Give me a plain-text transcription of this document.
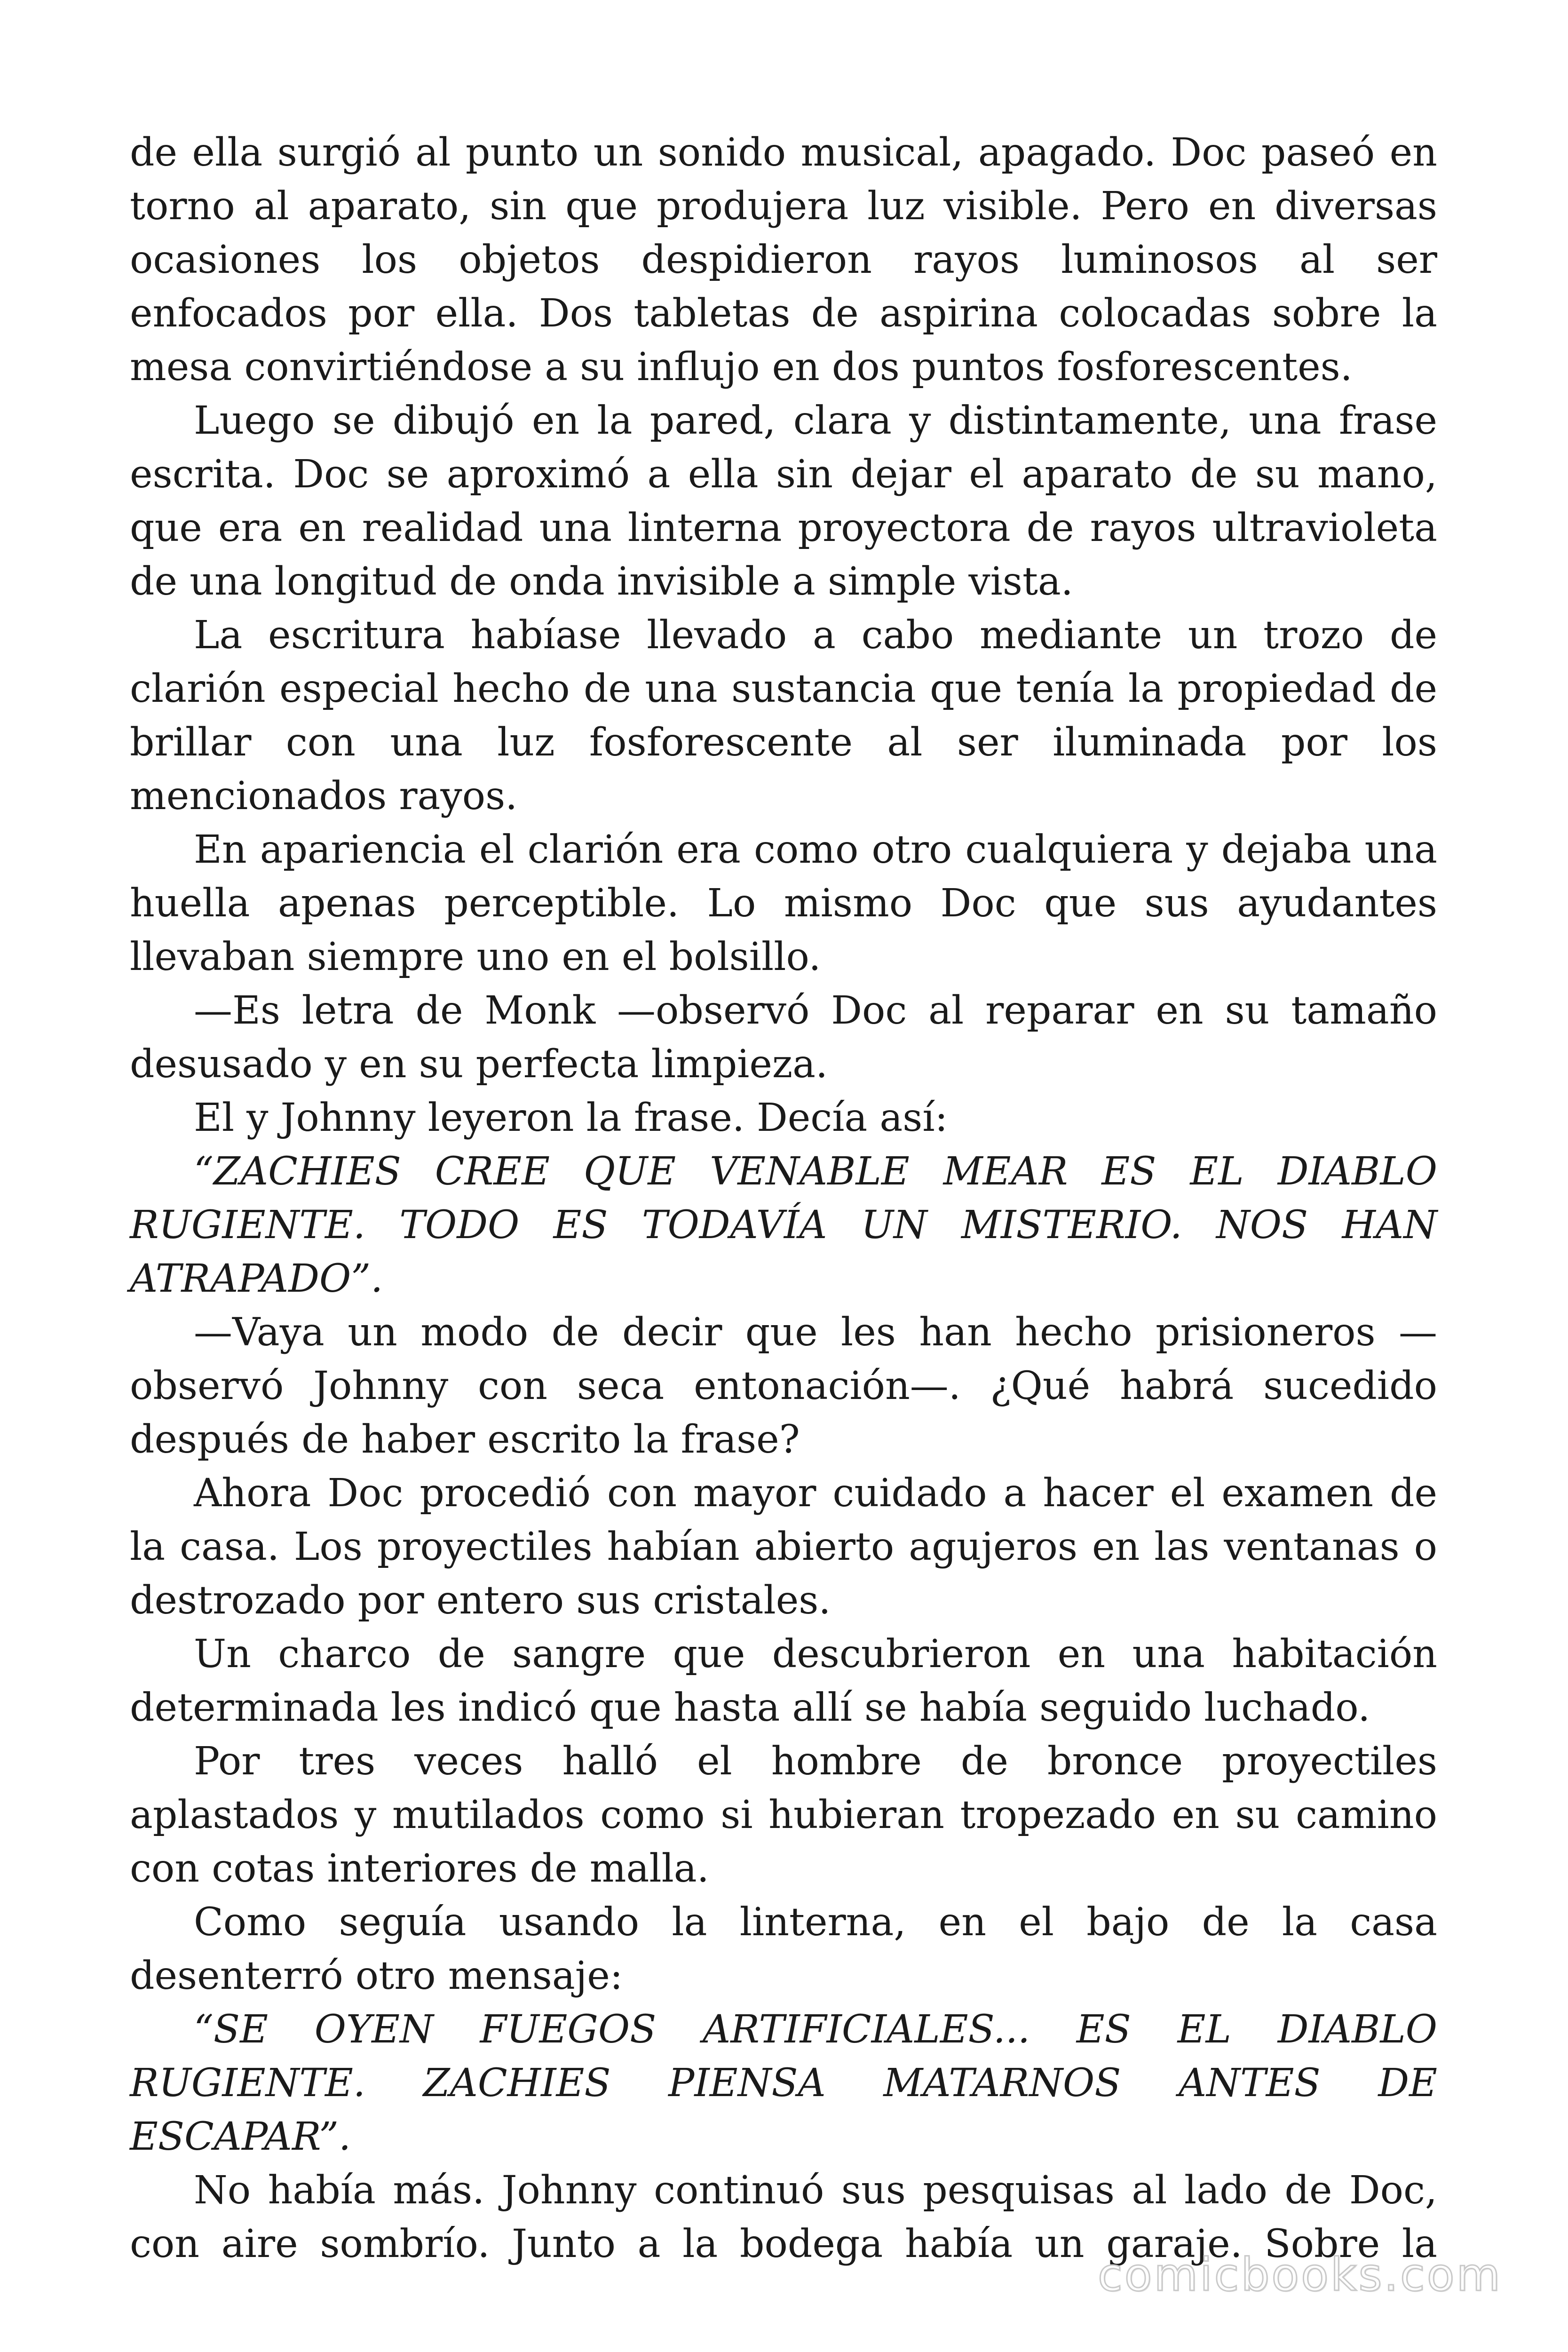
de ella surgió al punto un sonido musical, apagado. Doc paseó en torno al aparato, sin que produjera luz visible. Pero en diversas ocasiones los objetos despidieron rayos luminosos al ser enfocados por ella. Dos tabletas de aspirina colocadas sobre la mesa convirtiéndose a su influjo en dos puntos fosforescentes.

Luego se dibujó en la pared, clara y distintamente, una frase escrita. Doc se aproximó a ella sin dejar el aparato de su mano, que era en realidad una linterna proyectora de rayos ultravioleta de una longitud de onda invisible a simple vista.

La escritura habíase llevado a cabo mediante un trozo de clarión especial hecho de una sustancia que tenía la propiedad de brillar con una luz fosforescente al ser iluminada por los mencionados rayos.

En apariencia el clarión era como otro cualquiera y dejaba una huella apenas perceptible. Lo mismo Doc que sus ayudantes llevaban siempre uno en el bolsillo.

—Es letra de Monk —observó Doc al reparar en su tamaño desusado y en su perfecta limpieza.

El y Johnny leyeron la frase. Decía así:

“ZACHIES CREE QUE VENABLE MEAR ES EL DIABLO RUGIENTE. TODO ES TODAVÍA UN MISTERIO. NOS HAN ATRAPADO”.

—Vaya un modo de decir que les han hecho prisioneros — observó Johnny con seca entonación—. ¿Qué habrá sucedido después de haber escrito la frase?

Ahora Doc procedió con mayor cuidado a hacer el examen de la casa. Los proyectiles habían abierto agujeros en las ventanas o destrozado por entero sus cristales.

Un charco de sangre que descubrieron en una habitación determinada les indicó que hasta allí se había seguido luchado.

Por tres veces halló el hombre de bronce proyectiles aplastados y mutilados como si hubieran tropezado en su camino con cotas interiores de malla.

Como seguía usando la linterna, en el bajo de la casa desenterró otro mensaje:

“SE OYEN FUEGOS ARTIFICIALES... ES EL DIABLO RUGIENTE. ZACHIES PIENSA MATARNOS ANTES DE ESCAPAR”.

No había más. Johnny continuó sus pesquisas al lado de Doc, con aire sombrío. Junto a la bodega había un garaje. Sobre la

comicbooks.com
